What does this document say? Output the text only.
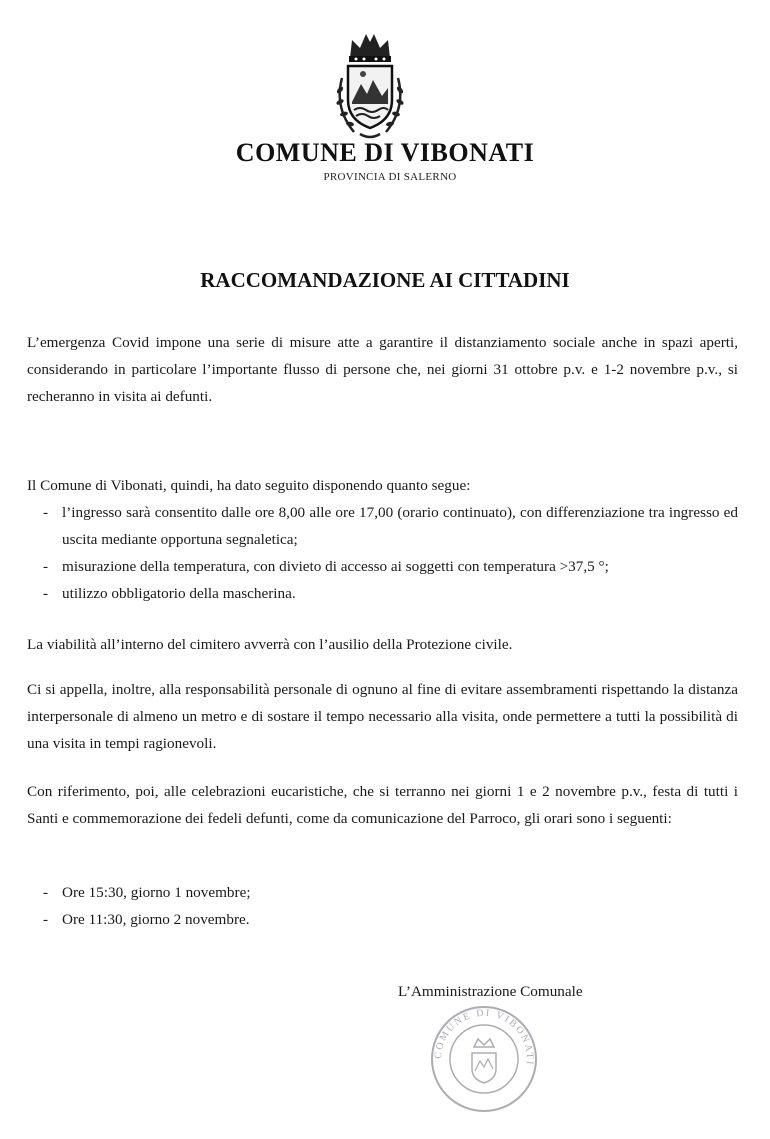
COMUNE DI VIBONATI
PROVINCIA DI SALERNO
RACCOMANDAZIONE AI CITTADINI

L’emergenza Covid impone una serie di misure atte a garantire il distanziamento sociale anche in spazi aperti, considerando in particolare l’importante flusso di persone che, nei giorni 31 ottobre p.v. e 1-2 novembre p.v., si recheranno in visita ai defunti.

Il Comune di Vibonati, quindi, ha dato seguito disponendo quanto segue:

- l’ingresso sarà consentito dalle ore 8,00 alle ore 17,00 (orario continuato), con differenziazione tra ingresso ed uscita mediante opportuna segnaletica;
- misurazione della temperatura, con divieto di accesso ai soggetti con temperatura >37,5 °;
- utilizzo obbligatorio della mascherina.

La viabilità all’interno del cimitero avverrà con l’ausilio della Protezione civile.

Ci si appella, inoltre, alla responsabilità personale di ognuno al fine di evitare assembramenti rispettando la distanza interpersonale di almeno un metro e di sostare il tempo necessario alla visita, onde permettere a tutti la possibilità di una visita in tempi ragionevoli.

Con riferimento, poi, alle celebrazioni eucaristiche, che si terranno nei giorni 1 e 2 novembre p.v., festa di tutti i Santi e commemorazione dei fedeli defunti, come da comunicazione del Parroco, gli orari sono i seguenti:

- Ore 15:30, giorno 1 novembre;
- Ore 11:30, giorno 2 novembre.
L’Amministrazione Comunale
COMUNE DI VIBONATI
